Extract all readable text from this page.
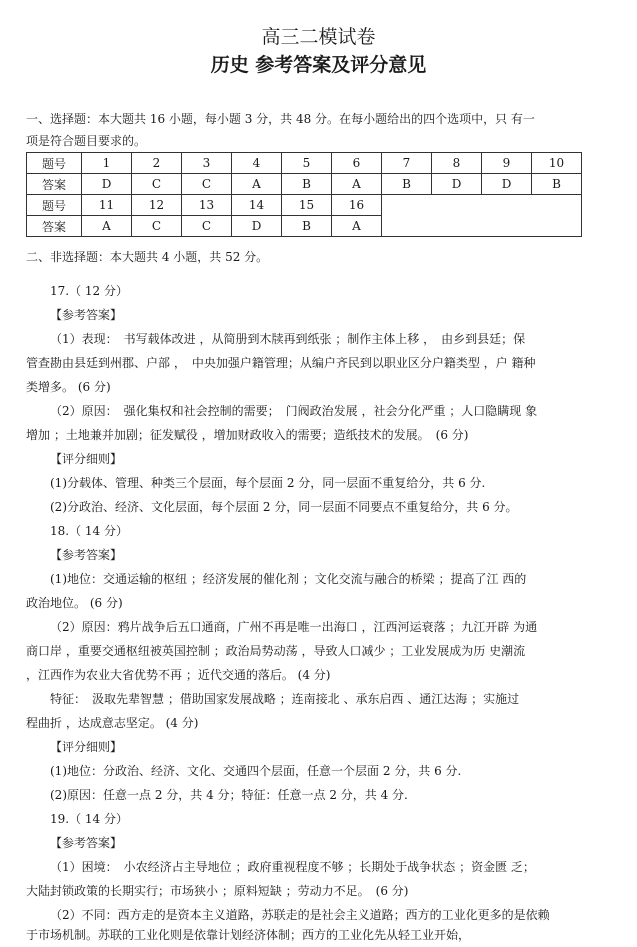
高三二模试卷
历史 参考答案及评分意见
一、选择题：本大题共 16 小题，每小题 3 分，共 48 分。在每小题给出的四个选项中，只 有一
项是符合题目要求的。
题号	1	2	3	4	5	6	7	8	9	10
答案	D	C	C	A	B	A	B	D	D	B
题号	11	12	13	14	15	16				
答案	A	C	C	D	B	A				
二、非选择题：本大题共 4 小题，共 52 分。
17.（ 12 分）
【参考答案】
（1）表现：　书写载体改进 ，从简册到木牍再到纸张 ；制作主体上移 ，　由乡到县廷；保
管查勘由县廷到州郡、户部 ，　中央加强户籍管理；从编户齐民到以职业区分户籍类型 ，户 籍种
类增多。 (6 分)
（2）原因：　强化集权和社会控制的需要；　门阀政治发展 ，社会分化严重 ；人口隐瞒现 象
增加 ；土地兼并加剧；征发赋役 ，增加财政收入的需要；造纸技术的发展。　(6 分)
【评分细则】
(1)分载体、管理、种类三个层面，每个层面 2 分，同一层面不重复给分，共 6 分.
(2)分政治、经济、文化层面，每个层面 2 分，同一层面不同要点不重复给分，共 6 分。
18.（ 14 分）
【参考答案】
(1)地位：交通运输的枢纽 ；经济发展的催化剂 ；文化交流与融合的桥梁 ；提高了江 西的
政治地位。 (6 分)
（2）原因：鸦片战争后五口通商，广州不再是唯一出海口 ，江西河运衰落 ；九江开辟 为通
商口岸 ，重要交通枢纽被英国控制 ；政治局势动荡 ，导致人口减少 ；工业发展成为历 史潮流
，江西作为农业大省优势不再 ；近代交通的落后。 (4 分)
特征：　汲取先辈智慧 ；借助国家发展战略 ；连南接北 、承东启西 、通江达海 ；实施过
程曲折 ，达成意志坚定。 (4 分)
【评分细则】
(1)地位：分政治、经济、文化、交通四个层面，任意一个层面 2 分，共 6 分.
(2)原因：任意一点 2 分，共 4 分；特征：任意一点 2 分，共 4 分.
19.（ 14 分）
【参考答案】
（1）困境：　小农经济占主导地位 ；政府重视程度不够 ；长期处于战争状态 ；资金匮 乏；
大陆封锁政策的长期实行；市场狭小 ；原料短缺 ；劳动力不足。　(6 分)
（2）不同：西方走的是资本主义道路，苏联走的是社会主义道路；西方的工业化更多的是依赖
于市场机制。苏联的工业化则是依靠计划经济体制；西方的工业化先从轻工业开始，
